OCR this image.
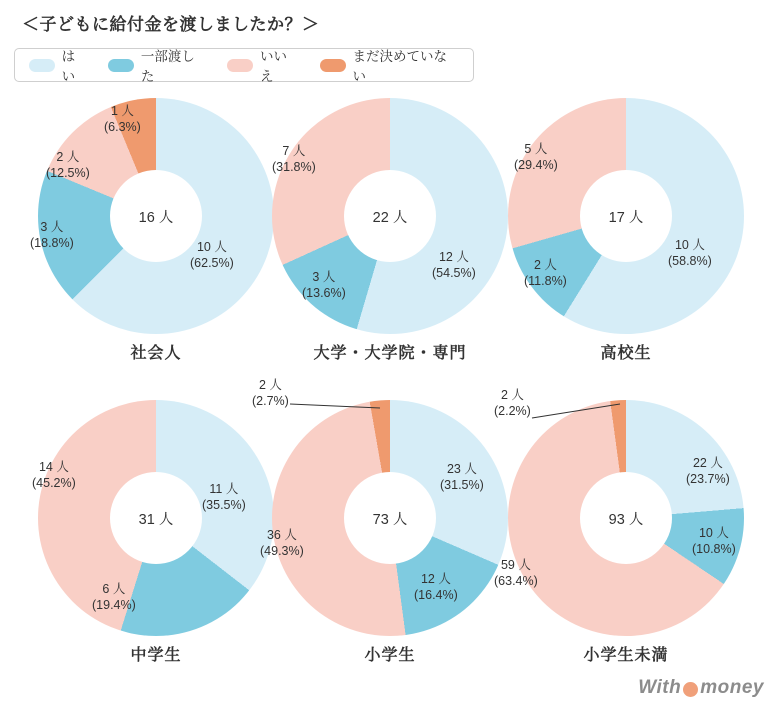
＜子どもに給付金を渡しましたか？＞
はい
一部渡した
いいえ
まだ決めていない
16 人
社会人
10 人
(62.5%)
3 人
(18.8%)
2 人
(12.5%)
1 人
(6.3%)
22 人
大学・大学院・専門
12 人
(54.5%)
3 人
(13.6%)
7 人
(31.8%)
17 人
高校生
10 人
(58.8%)
2 人
(11.8%)
5 人
(29.4%)
31 人
中学生
11 人
(35.5%)
6 人
(19.4%)
14 人
(45.2%)
73 人
小学生
2 人
(2.7%)
23 人
(31.5%)
12 人
(16.4%)
36 人
(49.3%)
93 人
小学生未満
2 人
(2.2%)
22 人
(23.7%)
10 人
(10.8%)
59 人
(63.4%)
With money
